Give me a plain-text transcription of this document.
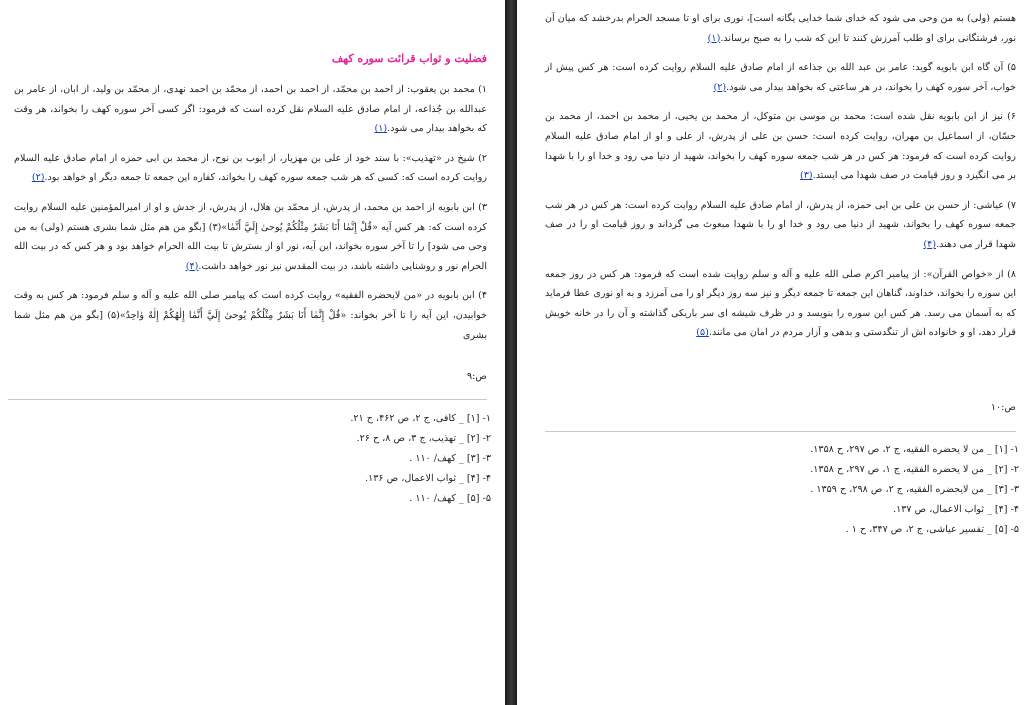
فضلیت و ثواب قرائت سوره کهف

۱) محمد بن یعقوب: از احمد بن محمّد، از احمد بن احمد، از محمّد بن احمد نهدی، از محمّد بن ولید، از ابان، از عامر بن عبدالله بن جُذاعه، از امام صادق علیه السلام نقل کرده است که فرمود: اگر کسی آخر سوره کهف را بخواند، هر وقت که بخواهد بیدار می شود.(۱)

۲) شیخ در «تهذیب»: با سند خود از علی بن مهزیار، از ایوب بن نوح، از محمد بن ابی حمزه از امام صادق علیه السلام روایت کرده است که: کسی که هر شب جمعه سوره کهف را بخواند، کفاره این جمعه تا جمعه دیگر او خواهد بود.(۲)

۳) ابن بابویه از احمد بن محمد، از پدرش، از محمّد بن هلال، از پدرش، از جدش و او از امیرالمؤمنین علیه السلام روایت کرده است که: هر کس آیه «قُلْ إِنَّمٰا أَنَا بَشَرٌ مِثْلُكُمْ يُوحىٰ إِلَيَّ أَنَّمٰا»(۳) [بگو من هم مثل شما بشری هستم (ولی) به من وحی می شود] را تا آخر سوره بخواند، این آیه، نور او از بسترش تا بیت الله الحرام خواهد بود و هر کس که در بیت الله الحرام نور و روشنایی داشته باشد، در بیت المقدس نیز نور خواهد داشت.(۴)

۴) ابن بابویه در «من لایحضره الفقیه» روایت کرده است که پیامبر صلی الله علیه و آله و سلم فرمود: هر کس به وقت خوابیدن، این آیه را تا آخر بخواند: «قُلْ إِنَّمٰا أَنَا بَشَرٌ مِثْلُكُمْ يُوحىٰ إِلَيَّ أَنَّمٰا إِلٰهُكُمْ إِلٰهٌ وٰاحِدٌ»(۵) [بگو من هم مثل شما بشری

ص:۹

۱- [۱] _ کافی، ج ۲، ص ۴۶۲، ح ۲۱.
۲- [۲] _ تهذیب، ج ۳، ص ۸، ح ۲۶.
۳- [۳] _ کهف/ ۱۱۰ .
۴- [۴] _ ثواب الاعمال، ص ۱۳۶.
۵- [۵] _ کهف/ ۱۱۰ .

هستم (ولی) به من وحی می شود که خدای شما خدایی یگانه است]، نوری برای او تا مسجد الحرام بدرخشد که میان آن نور، فرشتگانی برای او طلب آمرزش کنند تا این که شب را به صبح برساند.(۱)

۵) آن گاه ابن بابویه گوید: عامر بن عبد الله بن جذاعه از امام صادق علیه السلام روایت کرده است: هر کس پیش از خواب، آخر سوره کهف را بخواند، در هر ساعتی که بخواهد بیدار می شود.(۲)

۶) نیز از ابن بابویه نقل شده است: محمد بن موسی بن متوکل، از محمد بن یحیی، از محمد بن احمد، از محمد بن حسّان، از اسماعیل بن مهران، روایت کرده است: حسن بن علی از پدرش، از علی و او از امام صادق علیه السلام روایت کرده است که فرمود: هر کس در هر شب جمعه سوره کهف را بخواند، شهید از دنیا می رود و خدا او را با شهدا بر می انگیزد و روز قیامت در صف شهدا می ایستد.(۳)

۷) عیاشی: از حسن بن علی بن ابی حمزه، از پدرش، از امام صادق علیه السلام روایت کرده است: هر کس در هر شب جمعه سوره کهف را بخواند، شهید از دنیا می رود و خدا او را با شهدا مبعوث می گرداند و روز قیامت او را در صف شهدا قرار می دهند.(۴)

۸) از «خواص القرآن»: از پیامبر اکرم صلی الله علیه و آله و سلم روایت شده است که فرمود: هر کس در روز جمعه این سوره را بخواند، خداوند، گناهان این جمعه تا جمعه دیگر و نیز سه روز دیگر او را می آمرزد و به او نوری عطا فرماید که به آسمان می رسد. هر کس این سوره را بنویسد و در ظرف شیشه ای سر باریکی گذاشته و آن را در خانه خویش قرار دهد، او و خانواده اش از تنگدستی و بدهی و آزار مردم در امان می مانند.(۵)

ص:۱۰

۱- [۱] _ من لا یحضره الفقیه، ج ۲، ص ۲۹۷، ح ۱۳۵۸.
۲- [۲] _ من لا یحضره الفقیه، ج ۱، ص ۲۹۷، ح ۱۳۵۸.
۳- [۳] _ من لایحضره الفقیه، ج ۲، ص ۲۹۸، ح ۱۳۵۹ .
۴- [۴] _ ثواب الاعمال، ص ۱۳۷.
۵- [۵] _ تفسیر عیاشی، ج ۲، ص ۳۴۷، ح ۱ .
